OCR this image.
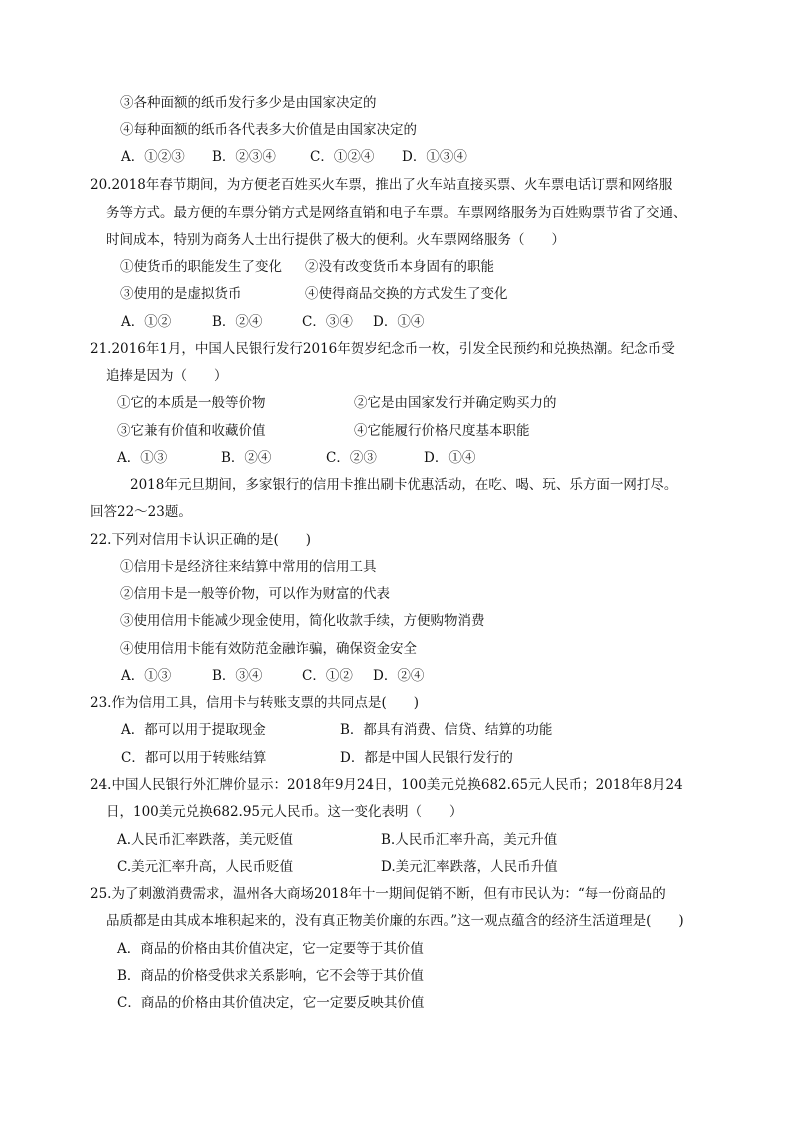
③各种面额的纸币发行多少是由国家决定的
④每种面额的纸币各代表多大价值是由国家决定的
A．①②③ B．②③④	C．①②④ D．①③④
20.2018年春节期间，为方便老百姓买火车票，推出了火车站直接买票、火车票电话订票和网络服
务等方式。最方便的车票分销方式是网络直销和电子车票。车票网络服务为百姓购票节省了交通、
时间成本，特别为商务人士出行提供了极大的便利。火车票网络服务（　　）
①使货币的职能发生了变化 ②没有改变货币本身固有的职能
③使用的是虚拟货币	④使得商品交换的方式发生了变化
A．①②	B．②④	C．③④ D．①④
21.2016年1月，中国人民银行发行2016年贺岁纪念币一枚，引发全民预约和兑换热潮。纪念币受
追捧是因为（　　）
①它的本质是一般等价物	②它是由国家发行并确定购买力的
③它兼有价值和收藏价值	④它能履行价格尺度基本职能
A．①③	B．②④	C．②③	D．①④
2018年元旦期间，多家银行的信用卡推出刷卡优惠活动，在吃、喝、玩、乐方面一网打尽。
回答22～23题。
22.下列对信用卡认识正确的是(　　)
①信用卡是经济往来结算中常用的信用工具
②信用卡是一般等价物，可以作为财富的代表
③使用信用卡能减少现金使用，简化收款手续，方便购物消费
④使用信用卡能有效防范金融诈骗，确保资金安全
A．①③	B．③④	C．①② D．②④
23.作为信用工具，信用卡与转账支票的共同点是(　　)
A．都可以用于提取现金	B．都具有消费、信贷、结算的功能
C．都可以用于转账结算	D．都是中国人民银行发行的
24.中国人民银行外汇牌价显示：2018年9月24日，100美元兑换682.65元人民币；2018年8月24
日，100美元兑换682.95元人民币。这一变化表明（　　）
A.人民币汇率跌落，美元贬值	B.人民币汇率升高，美元升值
C.美元汇率升高，人民币贬值	D.美元汇率跌落，人民币升值
25.为了刺激消费需求，温州各大商场2018年十一期间促销不断，但有市民认为：“每一份商品的
品质都是由其成本堆积起来的，没有真正物美价廉的东西。”这一观点蕴含的经济生活道理是(　　)
A．商品的价格由其价值决定，它一定要等于其价值
B．商品的价格受供求关系影响，它不会等于其价值
C．商品的价格由其价值决定，它一定要反映其价值
